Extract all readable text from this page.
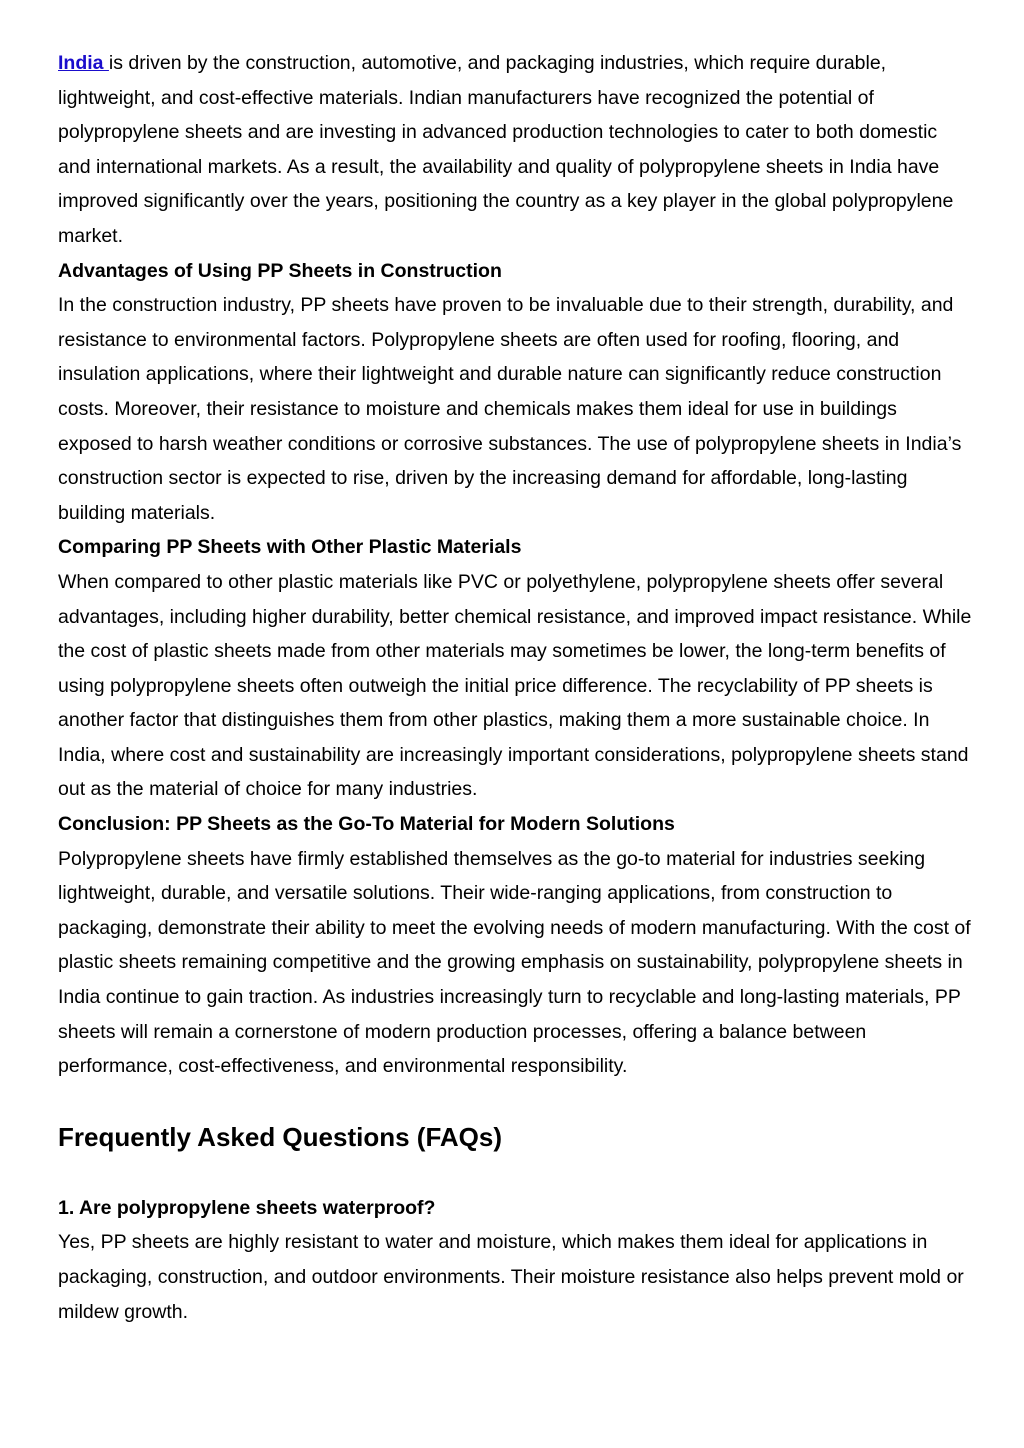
India is driven by the construction, automotive, and packaging industries, which require durable, lightweight, and cost-effective materials. Indian manufacturers have recognized the potential of polypropylene sheets and are investing in advanced production technologies to cater to both domestic and international markets. As a result, the availability and quality of polypropylene sheets in India have improved significantly over the years, positioning the country as a key player in the global polypropylene market.

Advantages of Using PP Sheets in Construction

In the construction industry, PP sheets have proven to be invaluable due to their strength, durability, and resistance to environmental factors. Polypropylene sheets are often used for roofing, flooring, and insulation applications, where their lightweight and durable nature can significantly reduce construction costs. Moreover, their resistance to moisture and chemicals makes them ideal for use in buildings exposed to harsh weather conditions or corrosive substances. The use of polypropylene sheets in India’s construction sector is expected to rise, driven by the increasing demand for affordable, long-lasting building materials.

Comparing PP Sheets with Other Plastic Materials

When compared to other plastic materials like PVC or polyethylene, polypropylene sheets offer several advantages, including higher durability, better chemical resistance, and improved impact resistance. While the cost of plastic sheets made from other materials may sometimes be lower, the long-term benefits of using polypropylene sheets often outweigh the initial price difference. The recyclability of PP sheets is another factor that distinguishes them from other plastics, making them a more sustainable choice. In India, where cost and sustainability are increasingly important considerations, polypropylene sheets stand out as the material of choice for many industries.

Conclusion: PP Sheets as the Go-To Material for Modern Solutions

Polypropylene sheets have firmly established themselves as the go-to material for industries seeking lightweight, durable, and versatile solutions. Their wide-ranging applications, from construction to packaging, demonstrate their ability to meet the evolving needs of modern manufacturing. With the cost of plastic sheets remaining competitive and the growing emphasis on sustainability, polypropylene sheets in India continue to gain traction. As industries increasingly turn to recyclable and long-lasting materials, PP sheets will remain a cornerstone of modern production processes, offering a balance between performance, cost-effectiveness, and environmental responsibility.

Frequently Asked Questions (FAQs)
1. Are polypropylene sheets waterproof?

Yes, PP sheets are highly resistant to water and moisture, which makes them ideal for applications in packaging, construction, and outdoor environments. Their moisture resistance also helps prevent mold or mildew growth.
